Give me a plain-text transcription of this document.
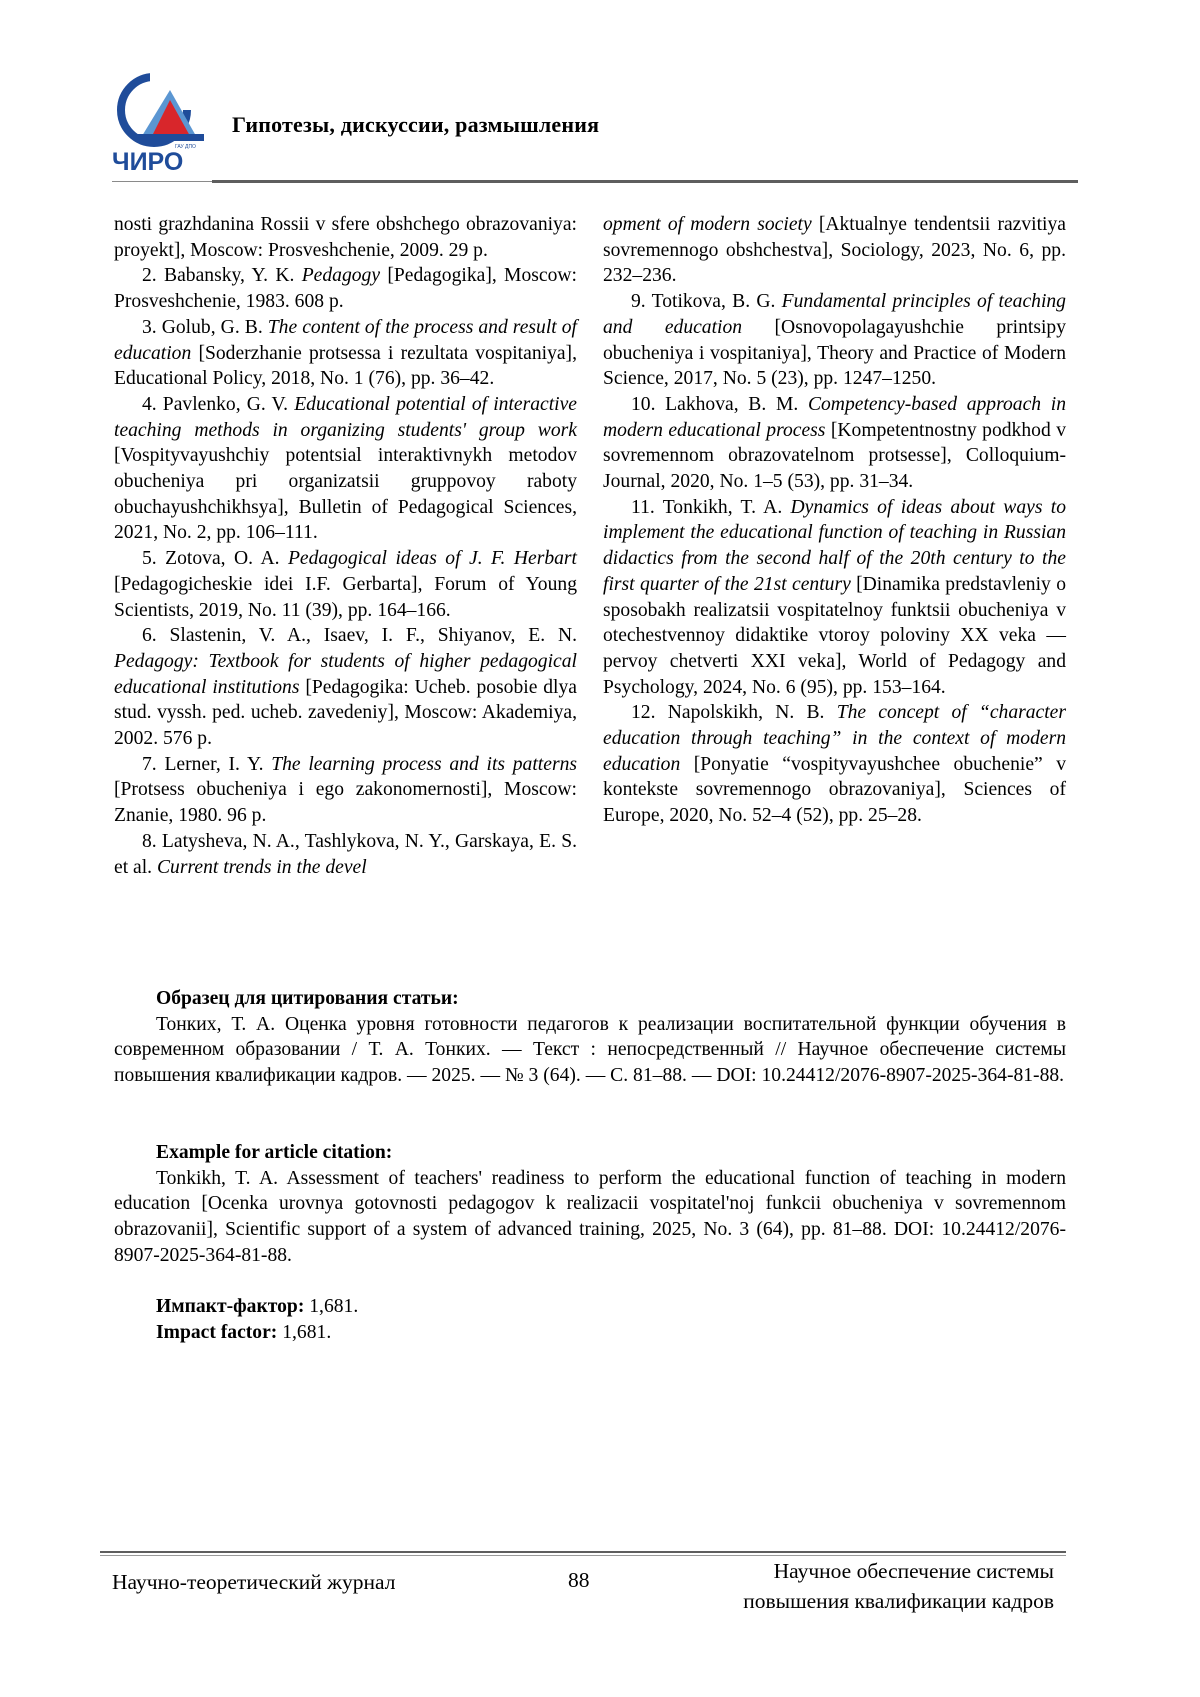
ГАУ ДПО
ЧИРО
Гипотезы, дискуссии, размышления

nosti grazhdanina Rossii v sfere obshchego obrazovaniya: proyekt], Moscow: Prosveshchenie, 2009. 29 p.

2. Babansky, Y. K. Pedagogy [Pedagogika], Moscow: Prosveshchenie, 1983. 608 p.

3. Golub, G. B. The content of the process and result of education [Soderzhanie protsessa i rezultata vospitaniya], Educational Policy, 2018, No. 1 (76), pp. 36–42.

4. Pavlenko, G. V. Educational potential of interactive teaching methods in organizing students' group work [Vospityvayushchiy potentsial interaktivnykh metodov obucheniya pri organizatsii gruppovoy raboty obuchayushchikhsya], Bulletin of Pedagogical Sciences, 2021, No. 2, pp. 106–111.

5. Zotova, O. A. Pedagogical ideas of J. F. Herbart [Pedagogicheskie idei I.F. Gerbarta], Forum of Young Scientists, 2019, No. 11 (39), pp. 164–166.

6. Slastenin, V. A., Isaev, I. F., Shiyanov, E. N. Pedagogy: Textbook for students of higher pedagogical educational institutions [Pedagogika: Ucheb. posobie dlya stud. vyssh. ped. ucheb. zavedeniy], Moscow: Akademiya, 2002. 576 p.

7. Lerner, I. Y. The learning process and its patterns [Protsess obucheniya i ego zakonomernosti], Moscow: Znanie, 1980. 96 p.

8. Latysheva, N. A., Tashlykova, N. Y., Garskaya, E. S. et al. Current trends in the devel

opment of modern society [Aktualnye tendentsii razvitiya sovremennogo obshchestva], Sociology, 2023, No. 6, pp. 232–236.

9. Totikova, B. G. Fundamental principles of teaching and education [Osnovopolagayushchie printsipy obucheniya i vospitaniya], Theory and Practice of Modern Science, 2017, No. 5 (23), pp. 1247–1250.

10. Lakhova, B. M. Competency-based approach in modern educational process [Kompetentnostny podkhod v sovremennom obrazovatelnom protsesse], Colloquium-Journal, 2020, No. 1–5 (53), pp. 31–34.

11. Tonkikh, T. A. Dynamics of ideas about ways to implement the educational function of teaching in Russian didactics from the second half of the 20th century to the first quarter of the 21st century [Dinamika predstavleniy o sposobakh realizatsii vospitatelnoy funktsii obucheniya v otechestvennoy didaktike vtoroy poloviny XX veka — pervoy chetverti XXI veka], World of Pedagogy and Psychology, 2024, No. 6 (95), pp. 153–164.

12. Napolskikh, N. B. The concept of “character education through teaching” in the context of modern education [Ponyatie “vospityvayushchee obuchenie” v kontekste sovremennogo obrazovaniya], Sciences of Europe, 2020, No. 52–4 (52), pp. 25–28.

Образец для цитирования статьи:

Тонких, Т. А. Оценка уровня готовности педагогов к реализации воспитательной функции обучения в современном образовании / Т. А. Тонких. — Текст : непосредственный // Научное обеспечение системы повышения квалификации кадров. — 2025. — № 3 (64). — С. 81–88. — DOI: 10.24412/2076-8907-2025-364-81-88.

Example for article citation:

Tonkikh, T. A. Assessment of teachers' readiness to perform the educational function of teaching in modern education [Ocenka urovnya gotovnosti pedagogov k realizacii vospitatel'noj funkcii obucheniya v sovremennom obrazovanii], Scientific support of a system of advanced training, 2025, No. 3 (64), pp. 81–88. DOI: 10.24412/2076-8907-2025-364-81-88.

Импакт-фактор: 1,681.
Impact factor: 1,681.
Научно-теоретический журнал	88	Научное обеспечение системы
повышения квалификации кадров
